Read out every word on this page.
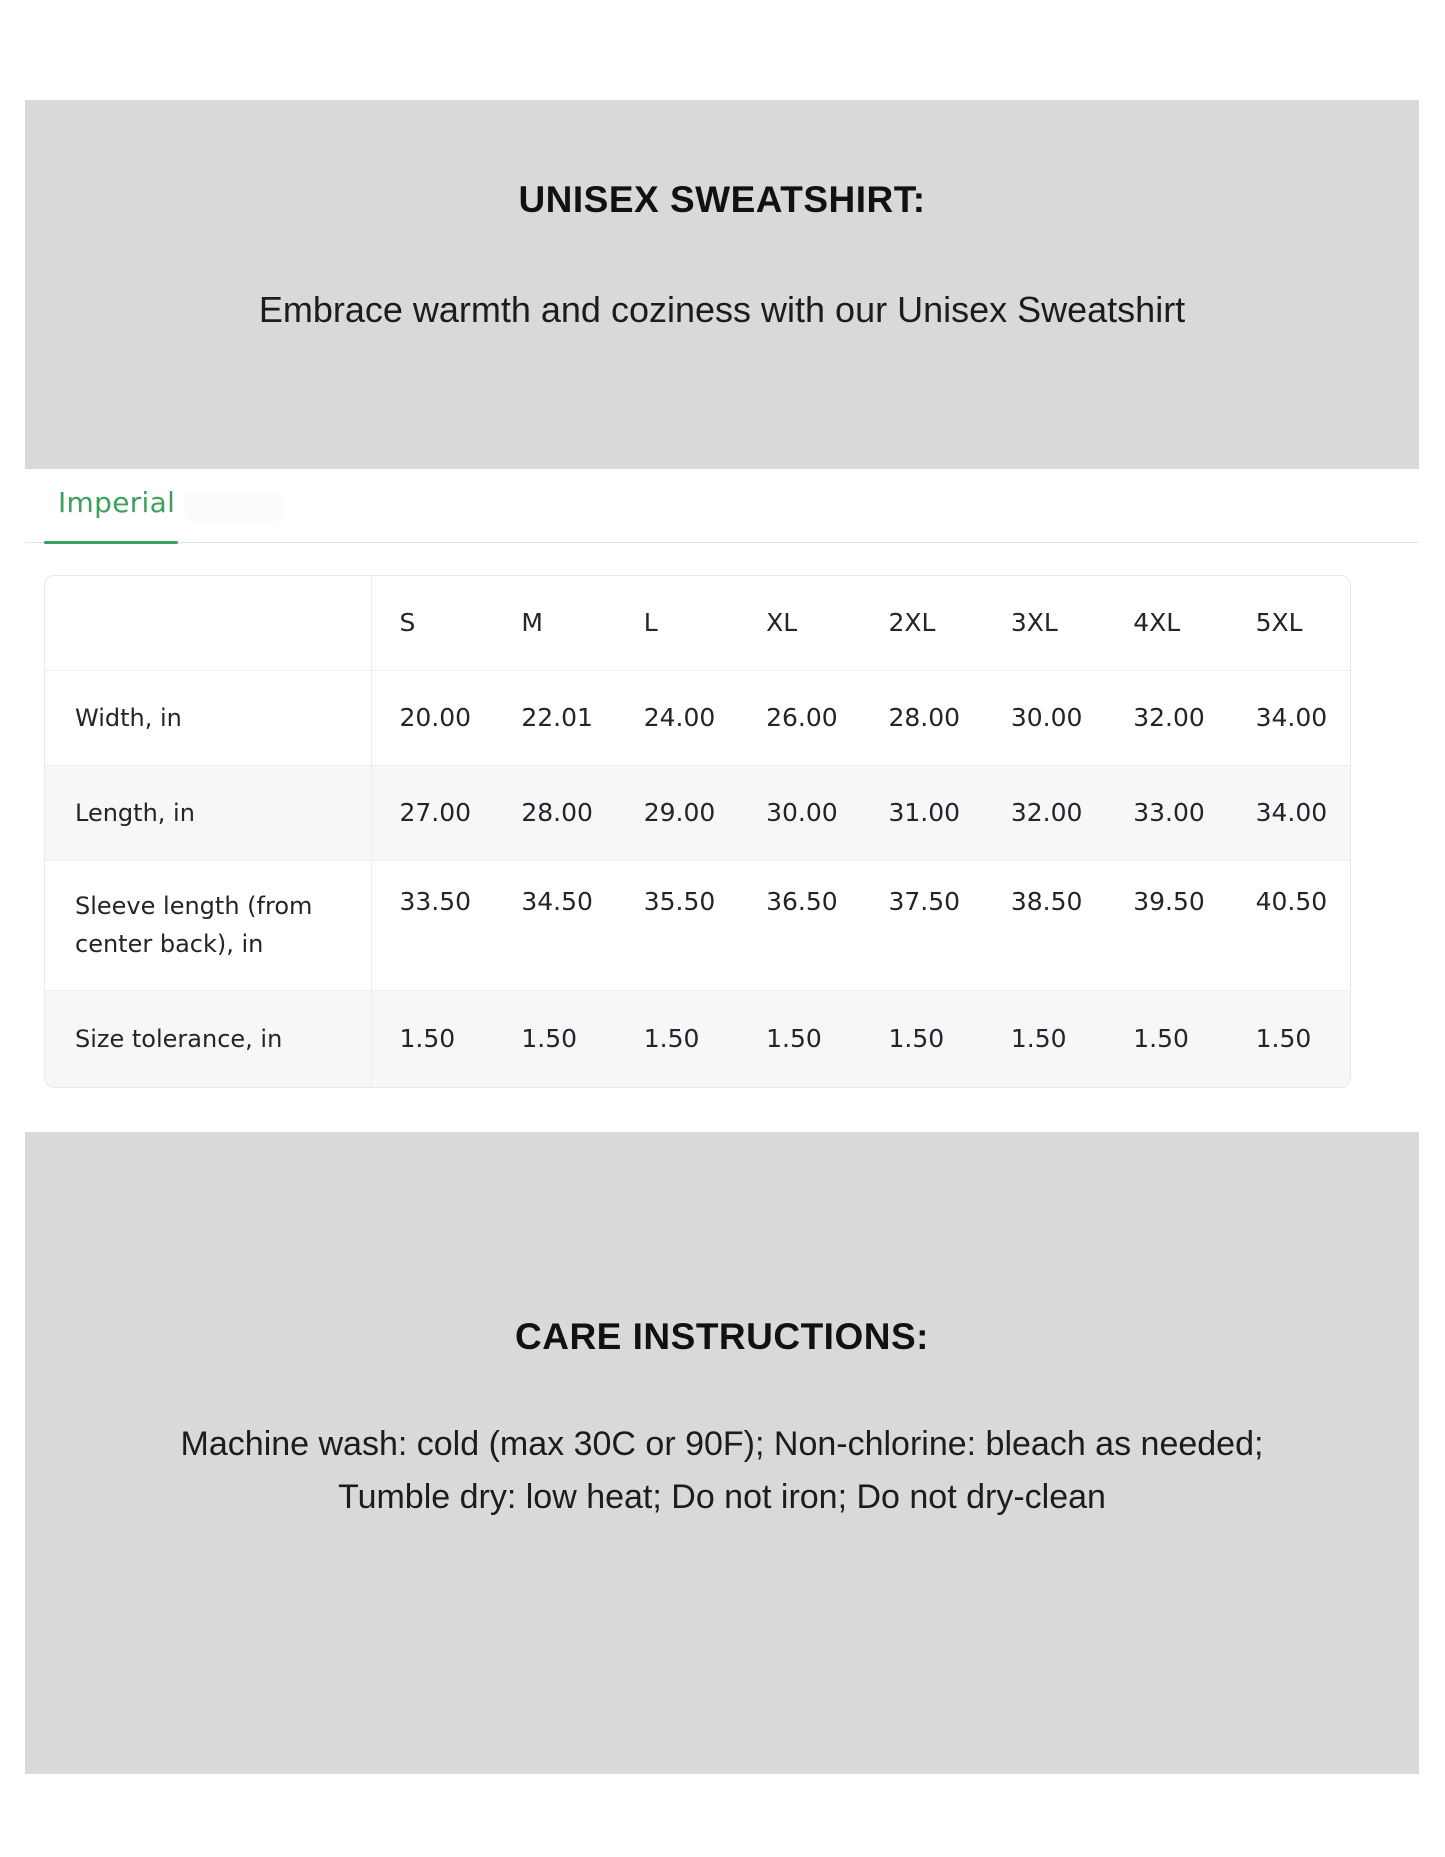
UNISEX SWEATSHIRT:

Embrace warmth and coziness with our Unisex Sweatshirt

Imperial
	S	M	L	XL	2XL	3XL	4XL	5XL
Width, in	20.00	22.01	24.00	26.00	28.00	30.00	32.00	34.00
Length, in	27.00	28.00	29.00	30.00	31.00	32.00	33.00	34.00
Sleeve length (from center back), in	33.50	34.50	35.50	36.50	37.50	38.50	39.50	40.50
Size tolerance, in	1.50	1.50	1.50	1.50	1.50	1.50	1.50	1.50
CARE INSTRUCTIONS:

Machine wash: cold (max 30C or 90F); Non-chlorine: bleach as needed; Tumble dry: low heat; Do not iron; Do not dry-clean
